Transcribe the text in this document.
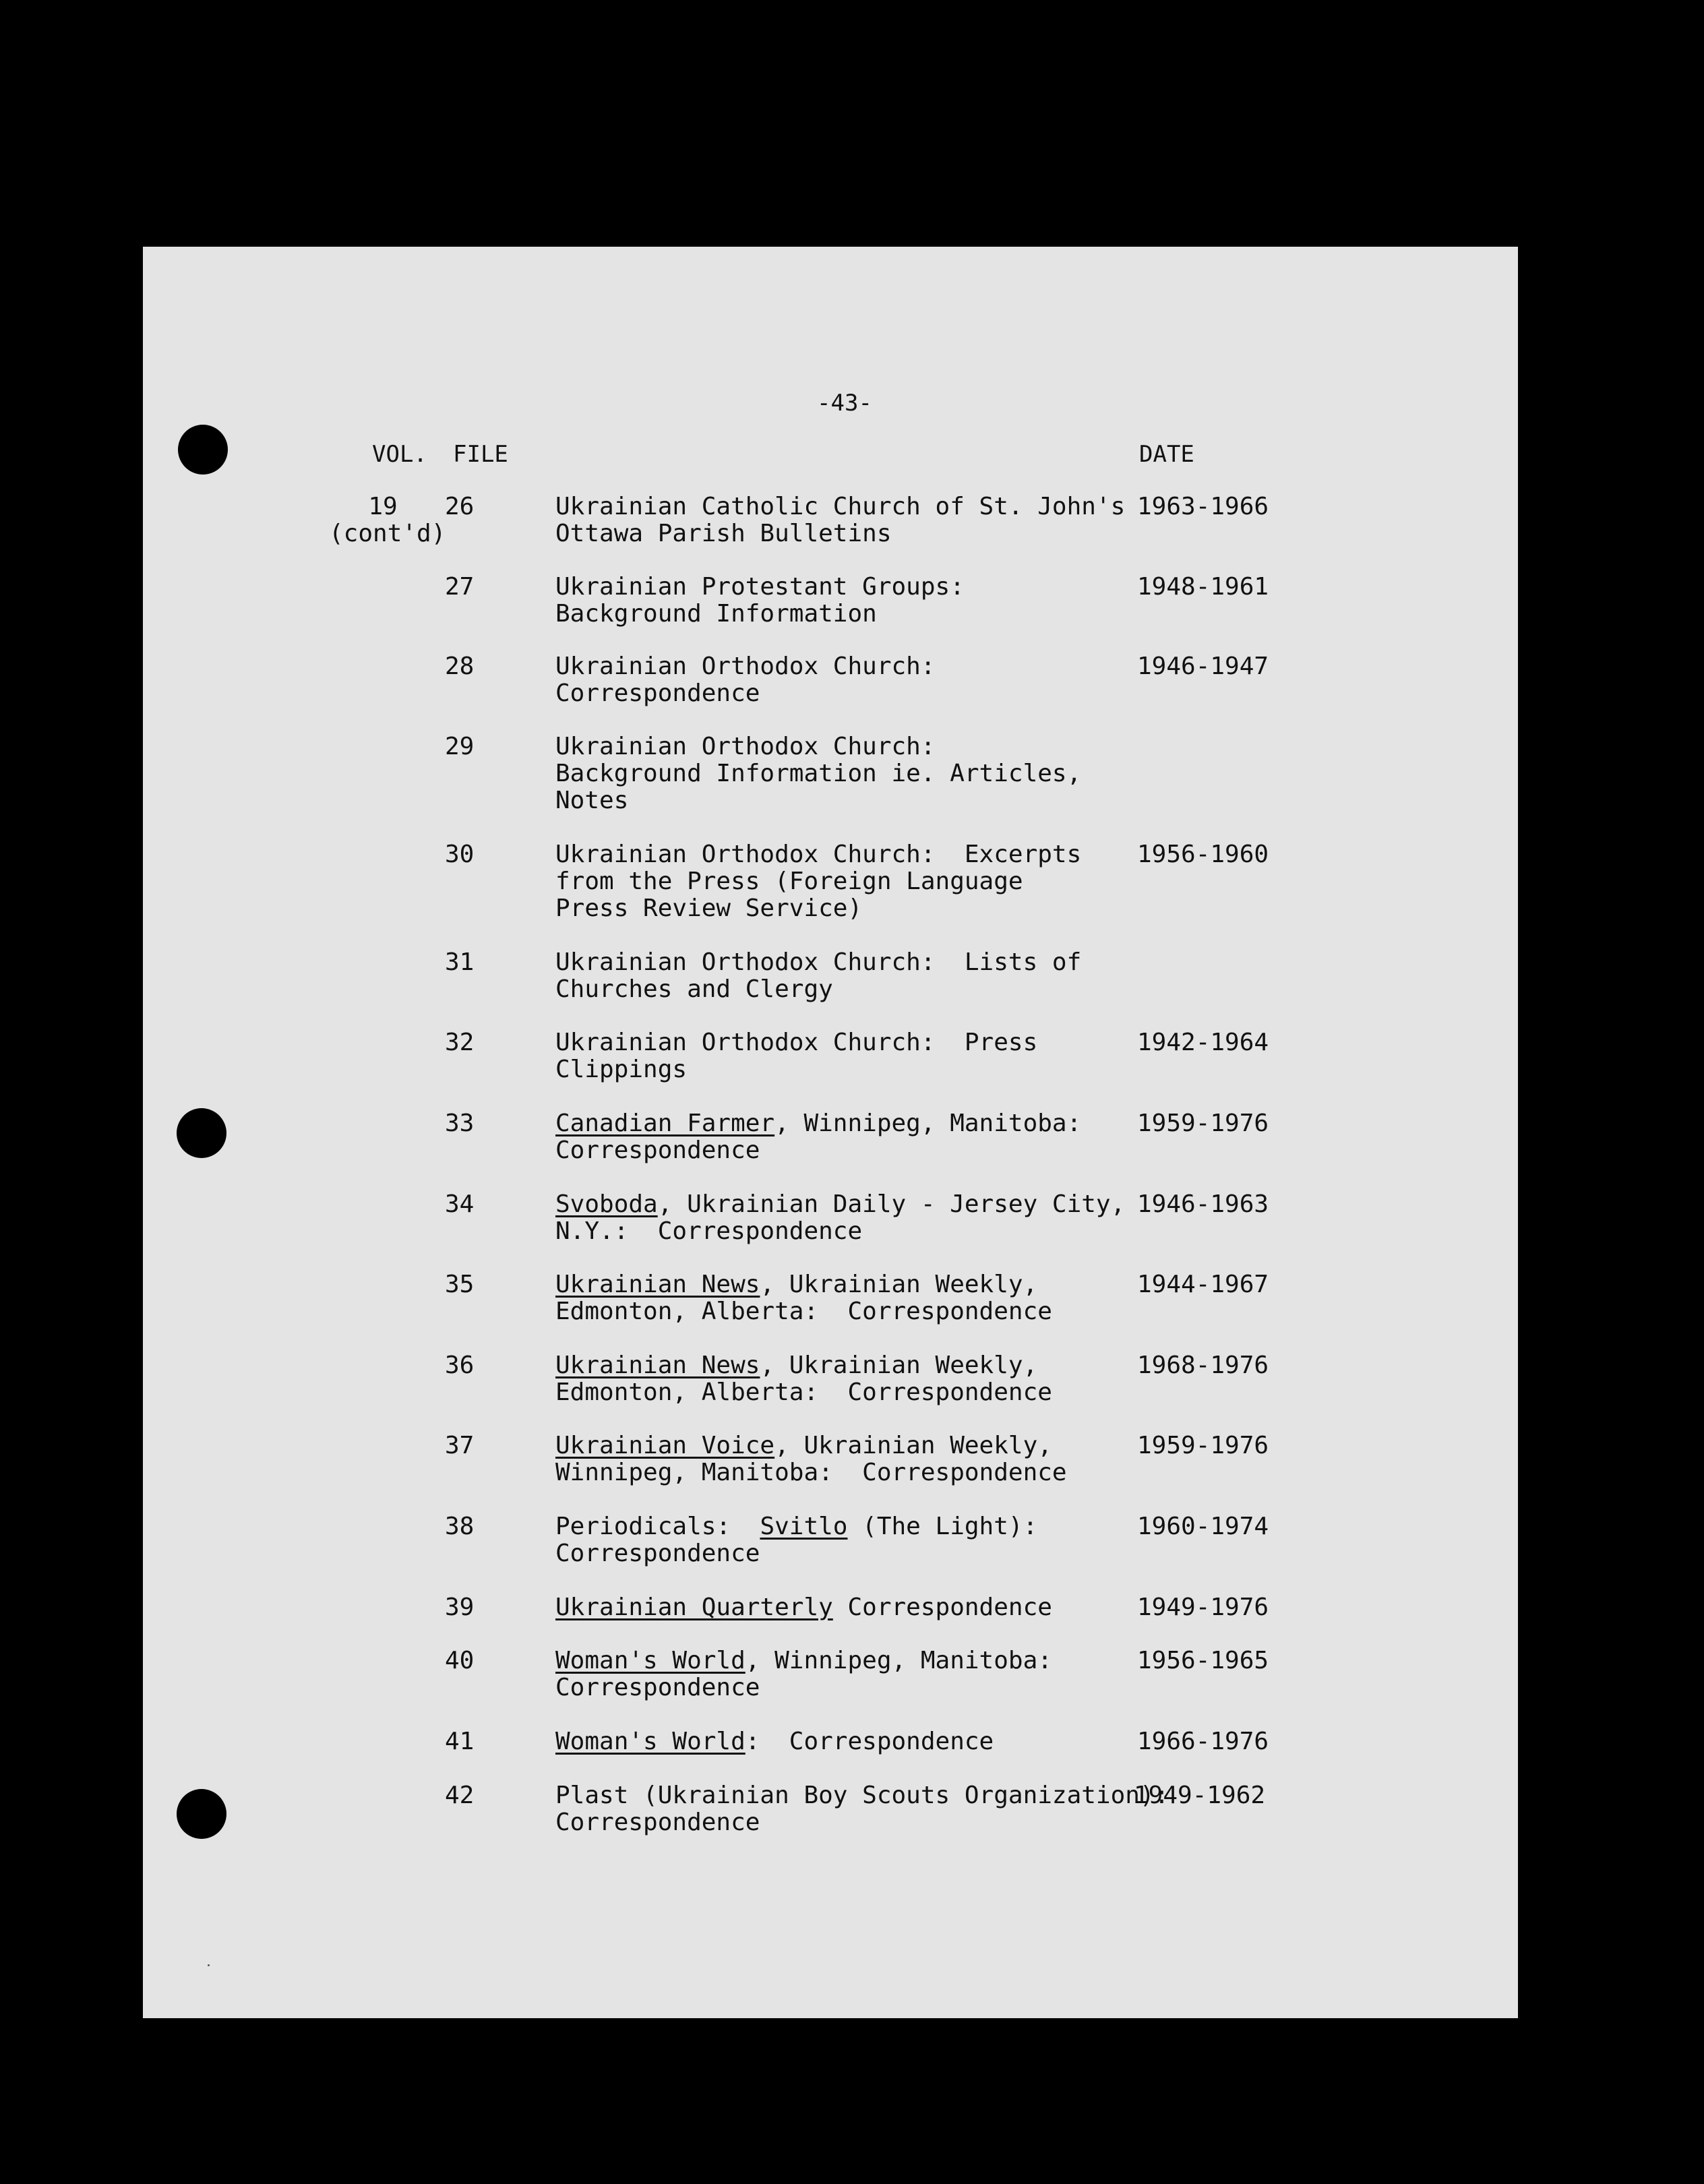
-43-
VOL. FILE	DATE
19
(cont'd)
26	Ukrainian Catholic Church of St. John's
Ottawa Parish Bulletins
1963-1966
27	Ukrainian Protestant Groups:
Background Information
1948-1961
28	Ukrainian Orthodox Church:
Correspondence
1946-1947
29	Ukrainian Orthodox Church:
Background Information ie. Articles,
Notes
30	Ukrainian Orthodox Church:  Excerpts
from the Press (Foreign Language
Press Review Service)
1956-1960
31	Ukrainian Orthodox Church:  Lists of
Churches and Clergy
32	Ukrainian Orthodox Church:  Press
Clippings
1942-1964
33	Canadian Farmer, Winnipeg, Manitoba:
Correspondence
1959-1976
34	Svoboda, Ukrainian Daily - Jersey City,
N.Y.:  Correspondence
1946-1963
35	Ukrainian News, Ukrainian Weekly,
Edmonton, Alberta:  Correspondence
1944-1967
36	Ukrainian News, Ukrainian Weekly,
Edmonton, Alberta:  Correspondence
1968-1976
37	Ukrainian Voice, Ukrainian Weekly,
Winnipeg, Manitoba:  Correspondence
1959-1976
38	Periodicals:  Svitlo (The Light):
Correspondence
1960-1974
39	Ukrainian Quarterly Correspondence	1949-1976
40	Woman's World, Winnipeg, Manitoba:
Correspondence
1956-1965
41	Woman's World:  Correspondence	1966-1976
42	Plast (Ukrainian Boy Scouts Organization):
Correspondence
1949-1962
